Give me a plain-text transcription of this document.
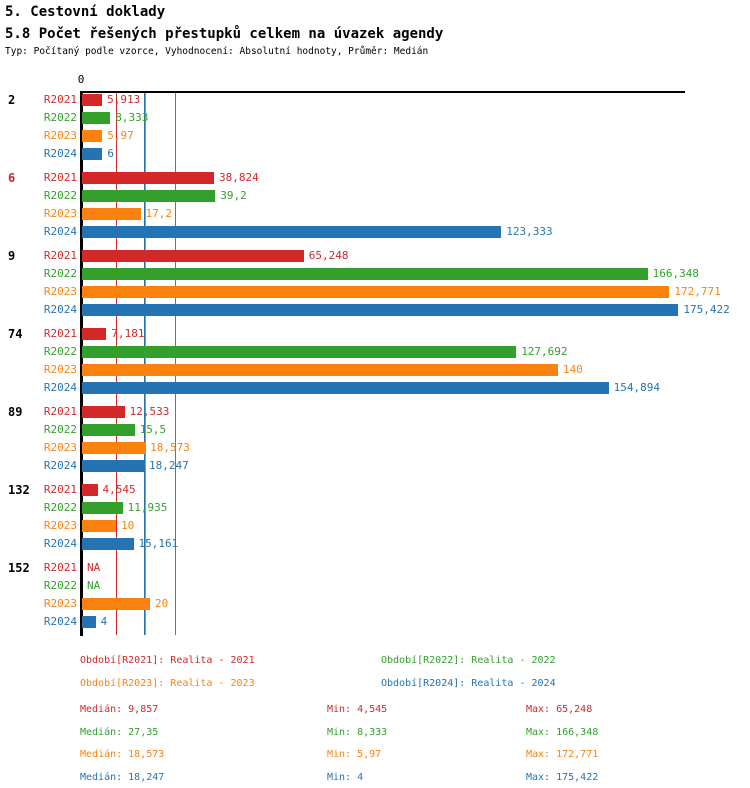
5. Cestovní doklady
5.8 Počet řešených přestupků celkem na úvazek agendy
Typ: Počítaný podle vzorce, Vyhodnocení: Absolutní hodnoty, Průměr: Medián
0
Období[R2021]: Realita - 2021	Období[R2022]: Realita - 2022
Období[R2023]: Realita - 2023	Období[R2024]: Realita - 2024
Medián: 9,857	Min: 4,545	Max: 65,248
Medián: 27,35	Min: 8,333	Max: 166,348
Medián: 18,573	Min: 5,97	Max: 172,771
Medián: 18,247	Min: 4	Max: 175,422
2	R2021	5,913
R2022	8,333
R2023	5,97
R2024	6
6	R2021	38,824
R2022	39,2
R2023	17,2
R2024	123,333
9	R2021	65,248
R2022	166,348
R2023	172,771
R2024	175,422
74	R2021	7,181
R2022	127,692
R2023	140
R2024	154,894
89	R2021	12,533
R2022	15,5
R2023	18,573
R2024	18,247
132	R2021 4,545
R2022	11,935
R2023	10
R2024	15,161
152	R2021 NA
R2022 NA
R2023	20
R2024 4
